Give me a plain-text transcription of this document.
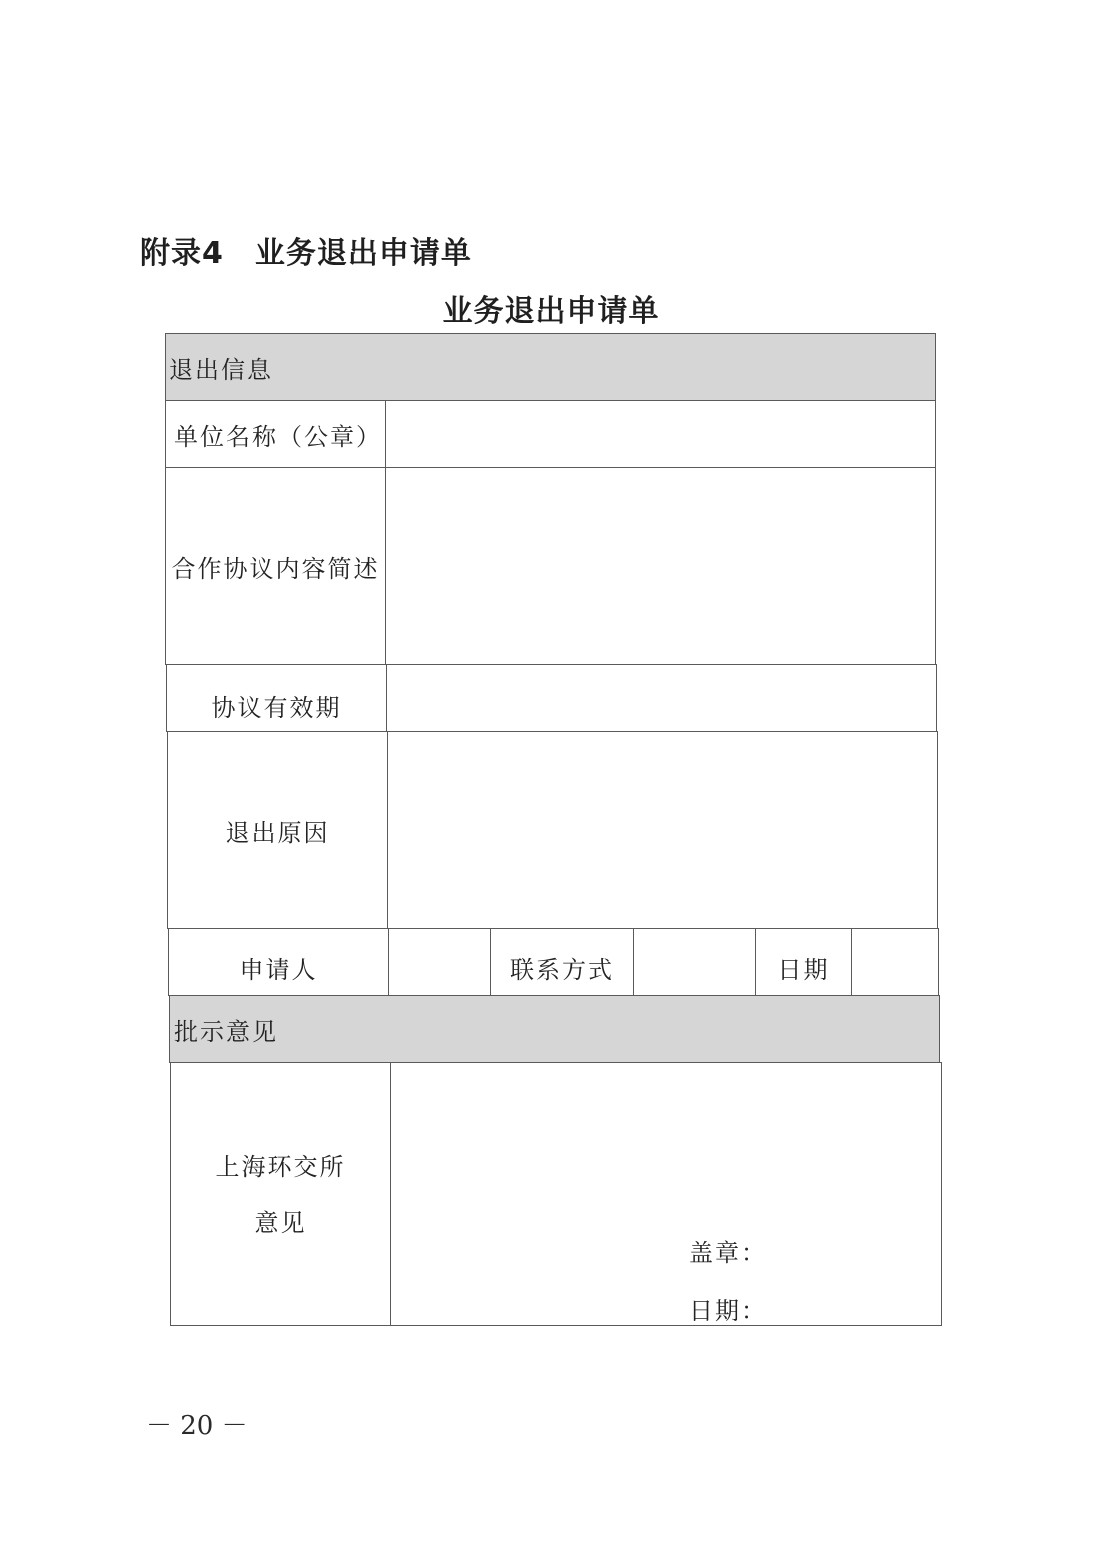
附录4　业务退出申请单
业务退出申请单
退出信息
单位名称（公章）
合作协议内容简述
协议有效期
退出原因
申请人	联系方式	日期
批示意见
上海环交所
意见
盖章：
日期：
－ 20 －
